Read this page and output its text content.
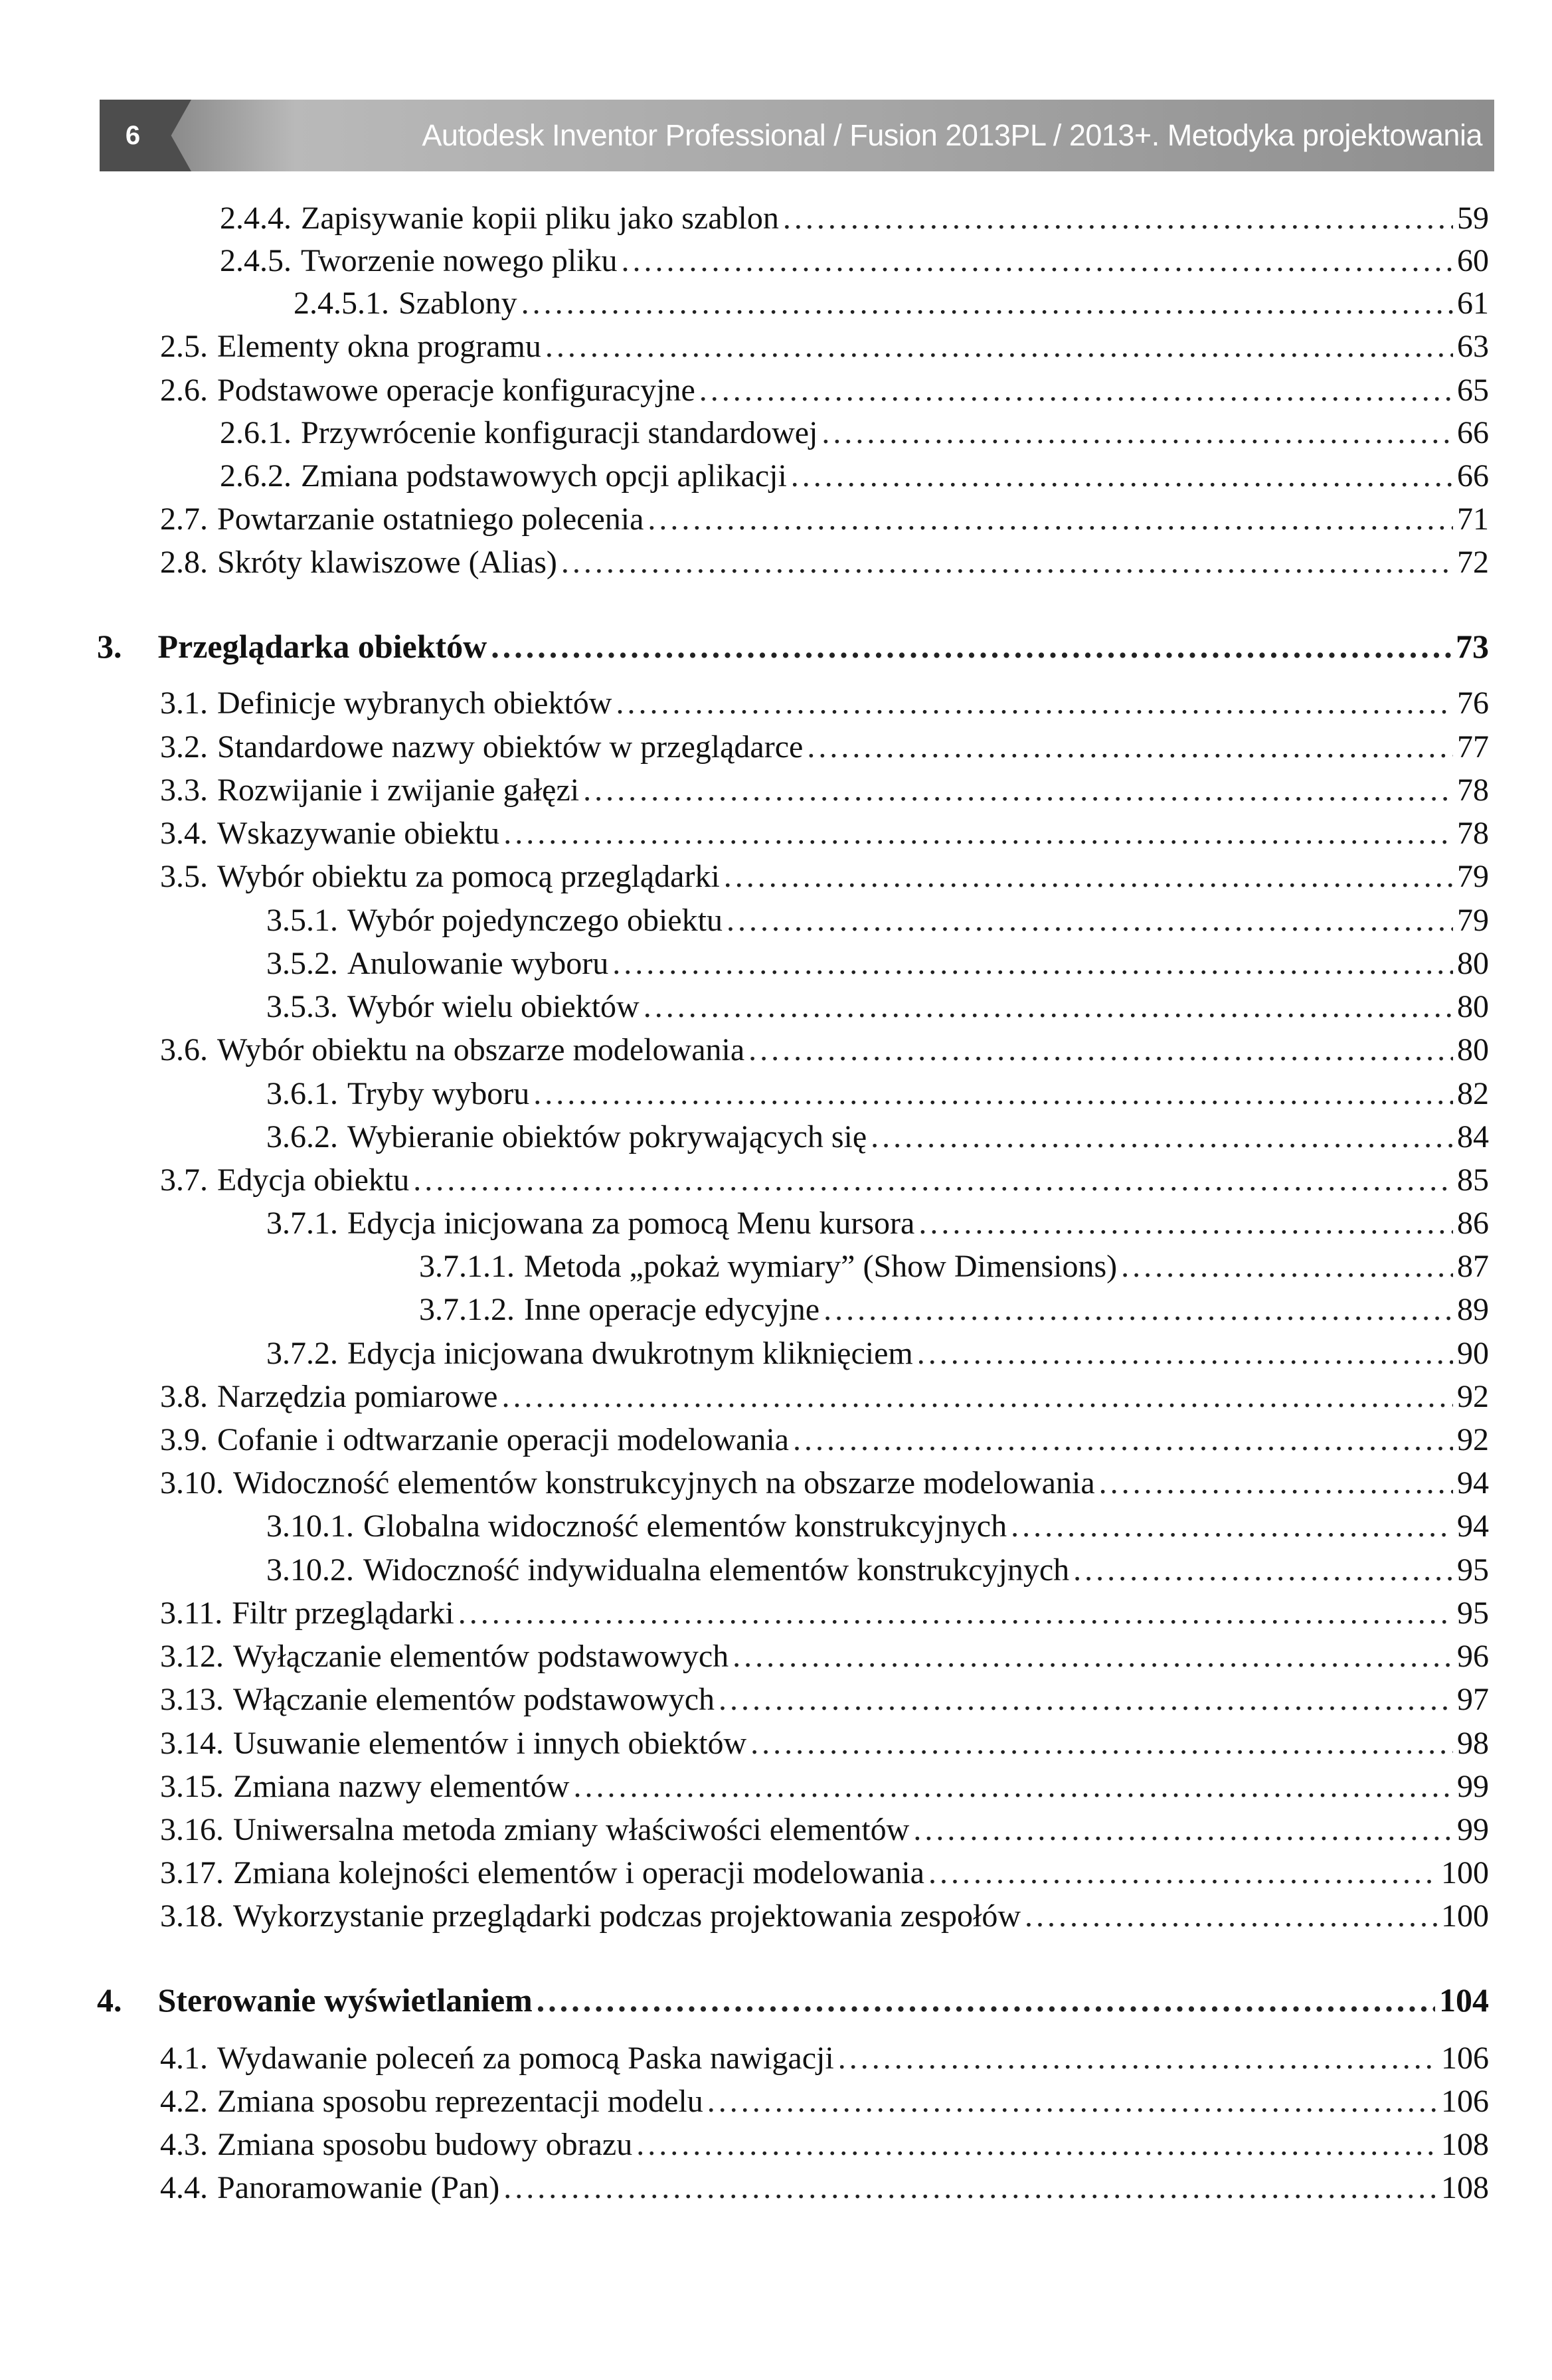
6	Autodesk Inventor Professional / Fusion 2013PL / 2013+. Metodyka projektowania
2.4.4. Zapisywanie kopii pliku jako szablon .....	59
2.4.5. Tworzenie nowego pliku .....	60
2.4.5.1. Szablony .....	61
2.5. Elementy okna programu .....	63
2.6. Podstawowe operacje konfiguracyjne .....	65
2.6.1. Przywrócenie konfiguracji standardowej .....	66
2.6.2. Zmiana podstawowych opcji aplikacji .....	66
2.7. Powtarzanie ostatniego polecenia .....	71
2.8. Skróty klawiszowe (Alias) .....	72
3.	Przeglądarka obiektów .....	73
3.1. Definicje wybranych obiektów .....	76
3.2. Standardowe nazwy obiektów w przeglądarce .....	77
3.3. Rozwijanie i zwijanie gałęzi .....	78
3.4. Wskazywanie obiektu .....	78
3.5. Wybór obiektu za pomocą przeglądarki .....	79
3.5.1. Wybór pojedynczego obiektu .....	79
3.5.2. Anulowanie wyboru .....	80
3.5.3. Wybór wielu obiektów .....	80
3.6. Wybór obiektu na obszarze modelowania .....	80
3.6.1. Tryby wyboru .....	82
3.6.2. Wybieranie obiektów pokrywających się .....	84
3.7. Edycja obiektu .....	85
3.7.1. Edycja inicjowana za pomocą Menu kursora .....	86
3.7.1.1. Metoda „pokaż wymiary” (Show Dimensions) .....	87
3.7.1.2. Inne operacje edycyjne .....	89
3.7.2. Edycja inicjowana dwukrotnym kliknięciem .....	90
3.8. Narzędzia pomiarowe .....	92
3.9. Cofanie i odtwarzanie operacji modelowania .....	92
3.10. Widoczność elementów konstrukcyjnych na obszarze modelowania .....	94
3.10.1. Globalna widoczność elementów konstrukcyjnych .....	94
3.10.2. Widoczność indywidualna elementów konstrukcyjnych .....	95
3.11. Filtr przeglądarki .....	95
3.12. Wyłączanie elementów podstawowych .....	96
3.13. Włączanie elementów podstawowych .....	97
3.14. Usuwanie elementów i innych obiektów .....	98
3.15. Zmiana nazwy elementów .....	99
3.16. Uniwersalna metoda zmiany właściwości elementów .....	99
3.17. Zmiana kolejności elementów i operacji modelowania .....	100
3.18. Wykorzystanie przeglądarki podczas projektowania zespołów .....	100
4.	Sterowanie wyświetlaniem .....	104
4.1. Wydawanie poleceń za pomocą Paska nawigacji .....	106
4.2. Zmiana sposobu reprezentacji modelu .....	106
4.3. Zmiana sposobu budowy obrazu .....	108
4.4. Panoramowanie (Pan) .....	108
